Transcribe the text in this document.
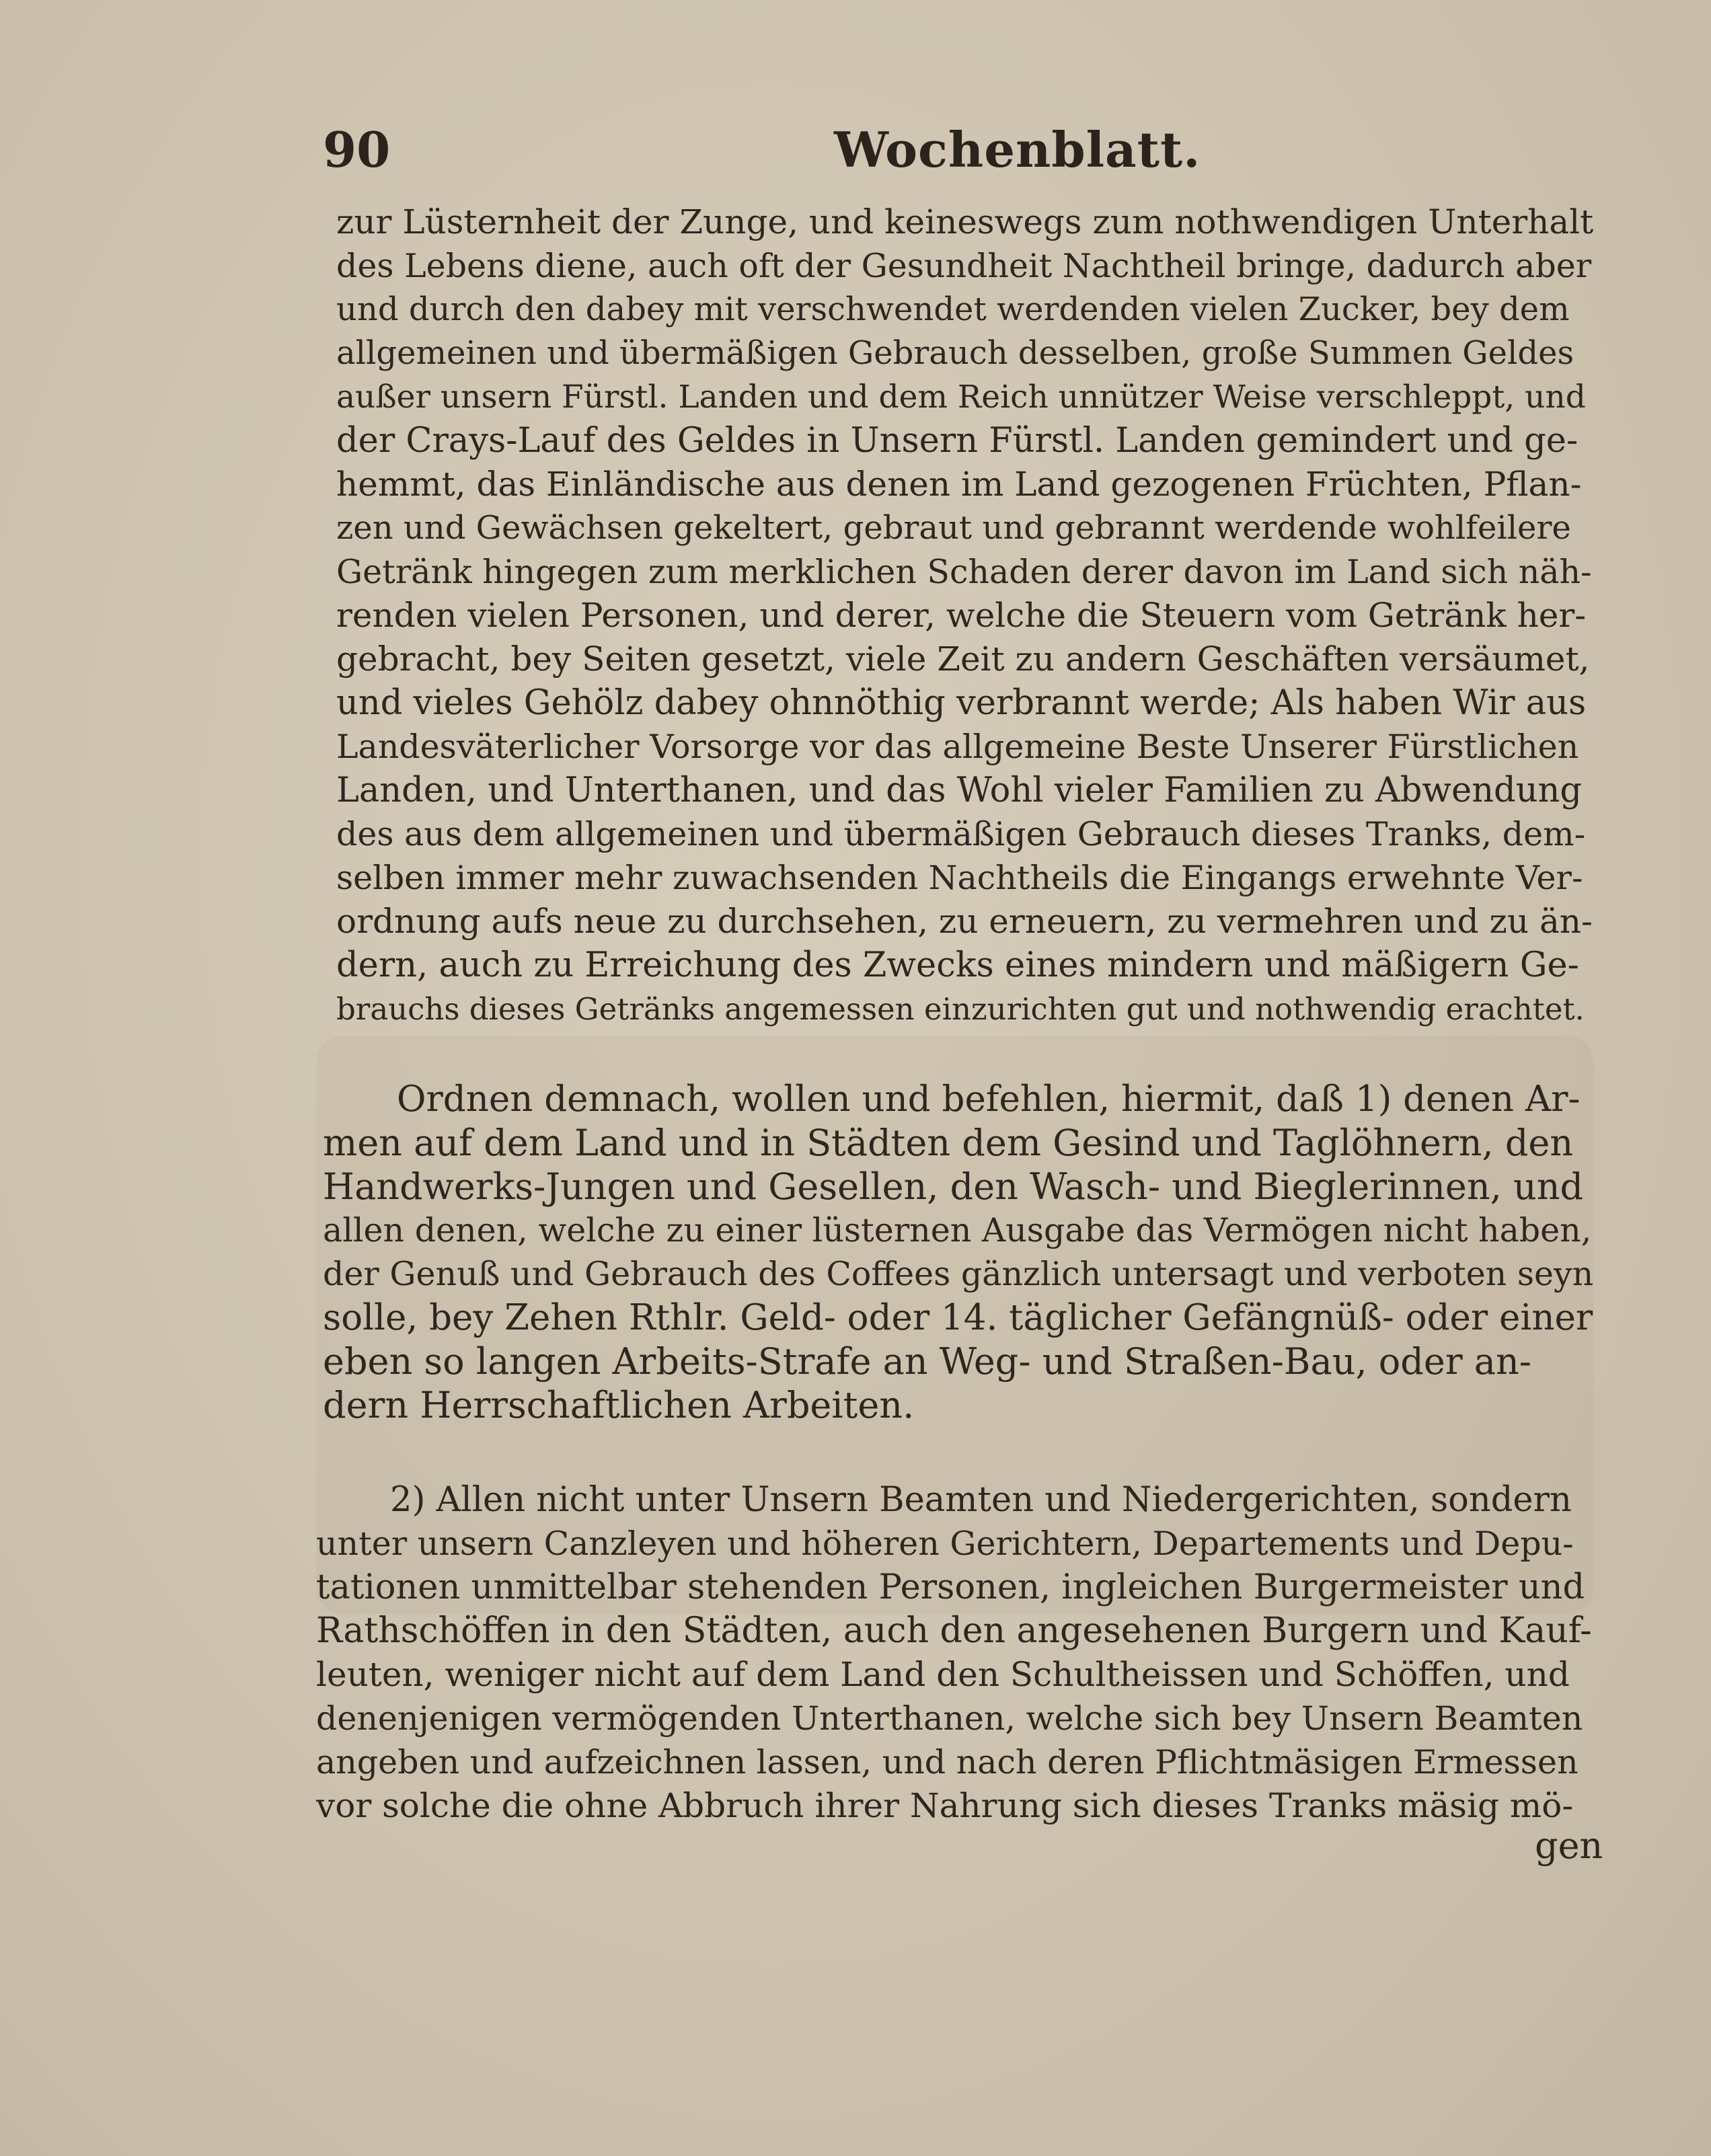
90	Wochenblatt.
zur Lüsternheit der Zunge, und keineswegs zum nothwendigen Unterhalt
des Lebens diene, auch oft der Gesundheit Nachtheil bringe, dadurch aber
und durch den dabey mit verschwendet werdenden vielen Zucker, bey dem
allgemeinen und übermäßigen Gebrauch desselben, große Summen Geldes
außer unsern Fürstl. Landen und dem Reich unnützer Weise verschleppt, und
der Crays-Lauf des Geldes in Unsern Fürstl. Landen gemindert und ge-
hemmt, das Einländische aus denen im Land gezogenen Früchten, Pflan-
zen und Gewächsen gekeltert, gebraut und gebrannt werdende wohlfeilere
Getränk hingegen zum merklichen Schaden derer davon im Land sich näh-
renden vielen Personen, und derer, welche die Steuern vom Getränk her-
gebracht, bey Seiten gesetzt, viele Zeit zu andern Geschäften versäumet,
und vieles Gehölz dabey ohnnöthig verbrannt werde; Als haben Wir aus
Landesväterlicher Vorsorge vor das allgemeine Beste Unserer Fürstlichen
Landen, und Unterthanen, und das Wohl vieler Familien zu Abwendung
des aus dem allgemeinen und übermäßigen Gebrauch dieses Tranks, dem-
selben immer mehr zuwachsenden Nachtheils die Eingangs erwehnte Ver-
ordnung aufs neue zu durchsehen, zu erneuern, zu vermehren und zu än-
dern, auch zu Erreichung des Zwecks eines mindern und mäßigern Ge-
brauchs dieses Getränks angemessen einzurichten gut und nothwendig erachtet.
Ordnen demnach, wollen und befehlen, hiermit, daß 1) denen Ar-
men auf dem Land und in Städten dem Gesind und Taglöhnern, den
Handwerks-Jungen und Gesellen, den Wasch- und Bieglerinnen, und
allen denen, welche zu einer lüsternen Ausgabe das Vermögen nicht haben,
der Genuß und Gebrauch des Coffees gänzlich untersagt und verboten seyn
solle, bey Zehen Rthlr. Geld- oder 14. täglicher Gefängnüß- oder einer
eben so langen Arbeits-Strafe an Weg- und Straßen-Bau, oder an-
dern Herrschaftlichen Arbeiten.
2) Allen nicht unter Unsern Beamten und Niedergerichten, sondern
unter unsern Canzleyen und höheren Gerichtern, Departements und Depu-
tationen unmittelbar stehenden Personen, ingleichen Burgermeister und
Rathschöffen in den Städten, auch den angesehenen Burgern und Kauf-
leuten, weniger nicht auf dem Land den Schultheissen und Schöffen, und
denenjenigen vermögenden Unterthanen, welche sich bey Unsern Beamten
angeben und aufzeichnen lassen, und nach deren Pflichtmäsigen Ermessen
vor solche die ohne Abbruch ihrer Nahrung sich dieses Tranks mäsig mö-
gen
